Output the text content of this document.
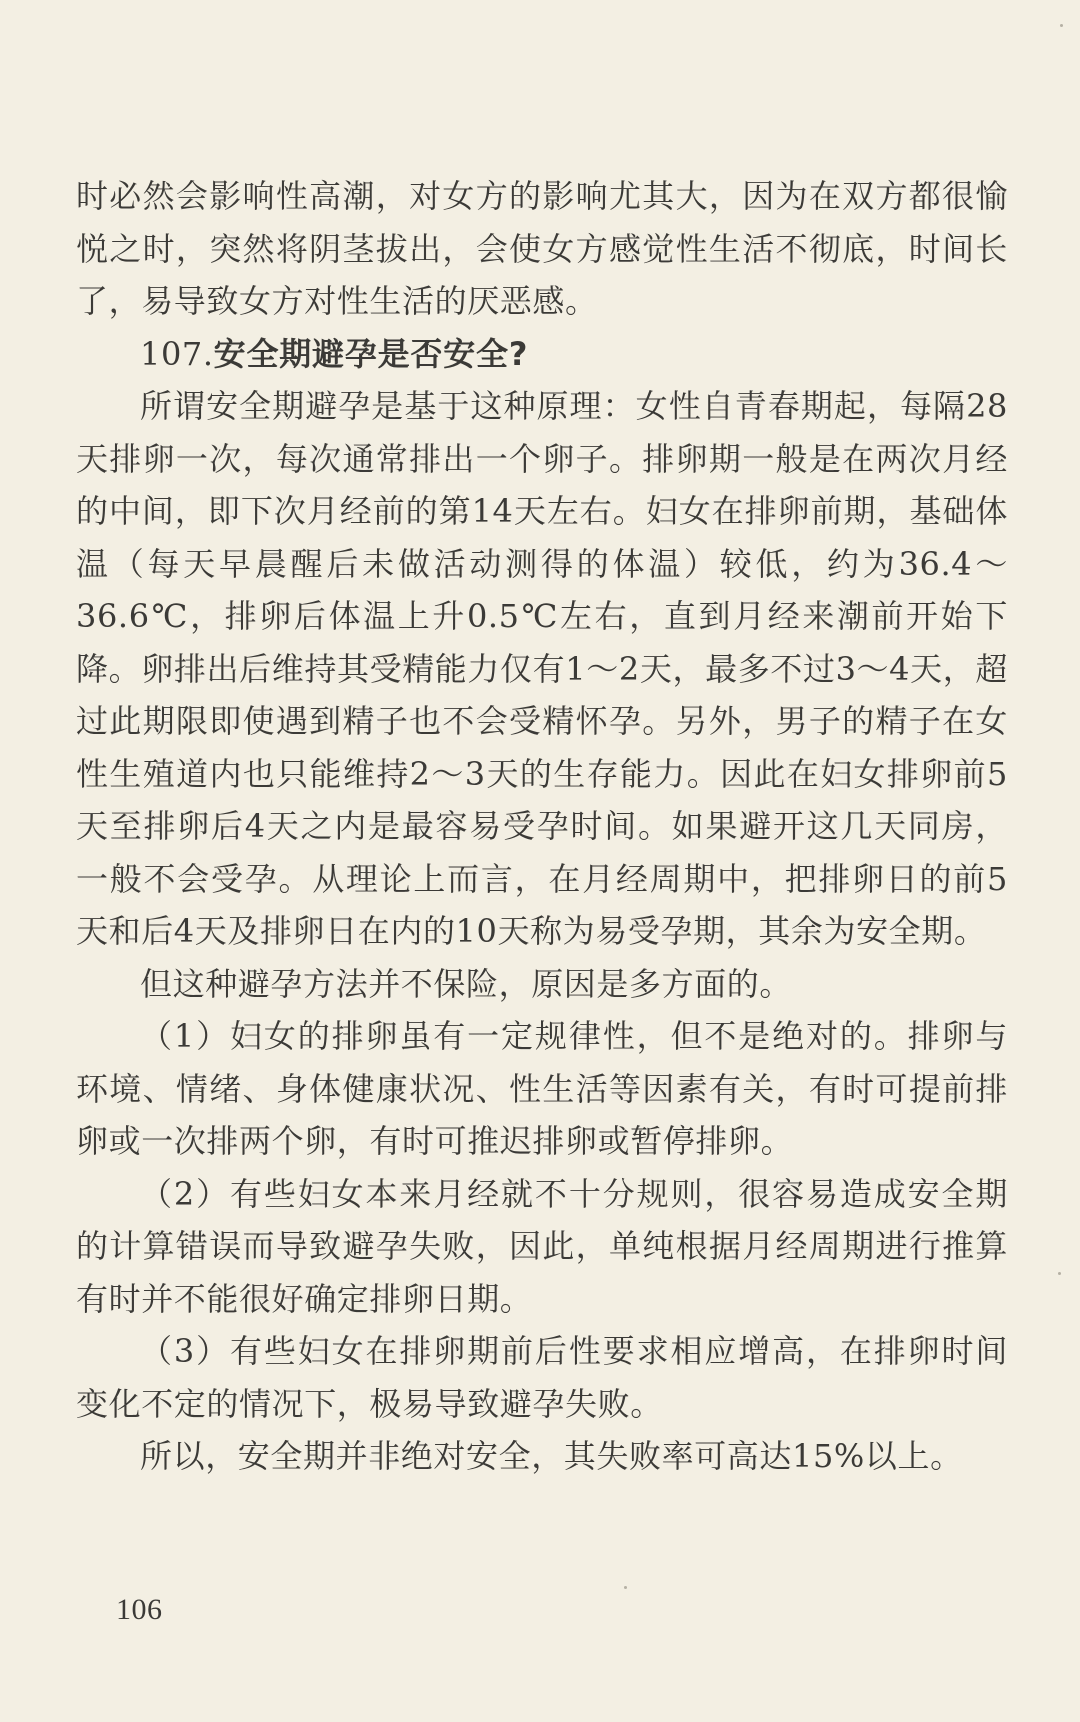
时必然会影响性高潮，对女方的影响尤其大，因为在双方都很愉悦之时，突然将阴茎拔出，会使女方感觉性生活不彻底，时间长了，易导致女方对性生活的厌恶感。

107.安全期避孕是否安全?

所谓安全期避孕是基于这种原理：女性自青春期起，每隔28天排卵一次，每次通常排出一个卵子。排卵期一般是在两次月经的中间，即下次月经前的第14天左右。妇女在排卵前期，基础体温（每天早晨醒后未做活动测得的体温）较低，约为36.4～36.6℃，排卵后体温上升0.5℃左右，直到月经来潮前开始下降。卵排出后维持其受精能力仅有1～2天，最多不过3～4天，超过此期限即使遇到精子也不会受精怀孕。另外，男子的精子在女性生殖道内也只能维持2～3天的生存能力。因此在妇女排卵前5天至排卵后4天之内是最容易受孕时间。如果避开这几天同房，一般不会受孕。从理论上而言，在月经周期中，把排卵日的前5天和后4天及排卵日在内的10天称为易受孕期，其余为安全期。

但这种避孕方法并不保险，原因是多方面的。

（1）妇女的排卵虽有一定规律性，但不是绝对的。排卵与环境、情绪、身体健康状况、性生活等因素有关，有时可提前排卵或一次排两个卵，有时可推迟排卵或暂停排卵。

（2）有些妇女本来月经就不十分规则，很容易造成安全期的计算错误而导致避孕失败，因此，单纯根据月经周期进行推算有时并不能很好确定排卵日期。

（3）有些妇女在排卵期前后性要求相应增高，在排卵时间变化不定的情况下，极易导致避孕失败。

所以，安全期并非绝对安全，其失败率可高达15%以上。

106
